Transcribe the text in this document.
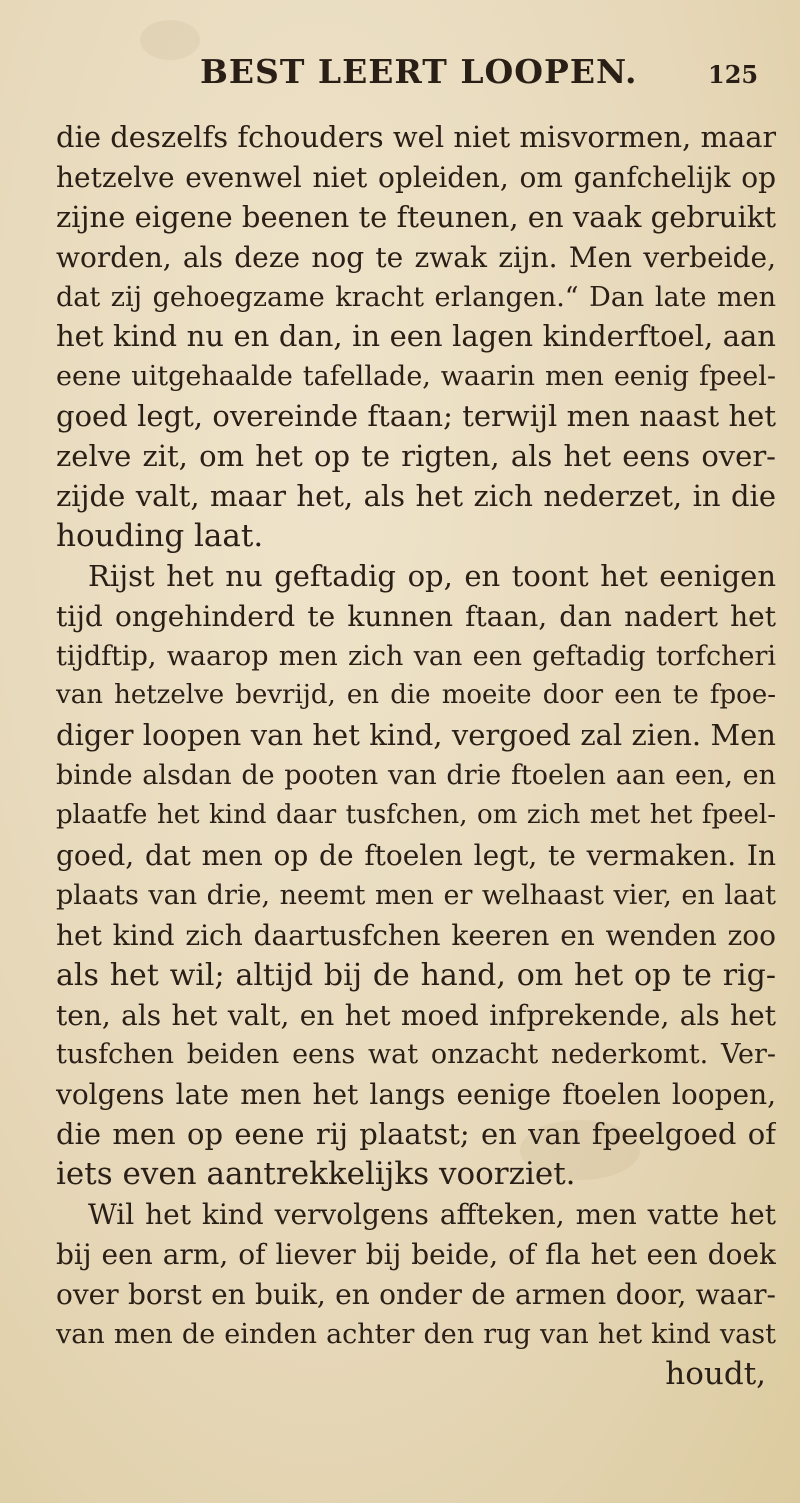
BEST LEERT LOOPEN.	125
die deszelfs fchouders wel niet misvormen, maar
hetzelve evenwel niet opleiden, om ganfchelijk op
zijne eigene beenen te fteunen, en vaak gebruikt
worden, als deze nog te zwak zijn. Men verbeide,
dat zij gehoegzame kracht erlangen.“ Dan late men
het kind nu en dan, in een lagen kinderftoel, aan
eene uitgehaalde tafellade, waarin men eenig fpeel-
goed legt, overeinde ftaan; terwijl men naast het
zelve zit, om het op te rigten, als het eens over-
zijde valt, maar het, als het zich nederzet, in die
houding laat.
Rijst het nu geftadig op, en toont het eenigen
tijd ongehinderd te kunnen ftaan, dan nadert het
tijdftip, waarop men zich van een geftadig torfcheri
van hetzelve bevrijd, en die moeite door een te fpoe-
diger loopen van het kind, vergoed zal zien. Men
binde alsdan de pooten van drie ftoelen aan een, en
plaatfe het kind daar tusfchen, om zich met het fpeel-
goed, dat men op de ftoelen legt, te vermaken. In
plaats van drie, neemt men er welhaast vier, en laat
het kind zich daartusfchen keeren en wenden zoo
als het wil; altijd bij de hand, om het op te rig-
ten, als het valt, en het moed infprekende, als het
tusfchen beiden eens wat onzacht nederkomt. Ver-
volgens late men het langs eenige ftoelen loopen,
die men op eene rij plaatst; en van fpeelgoed of
iets even aantrekkelijks voorziet.
Wil het kind vervolgens affteken, men vatte het
bij een arm, of liever bij beide, of fla het een doek
over borst en buik, en onder de armen door, waar-
van men de einden achter den rug van het kind vast
houdt,
